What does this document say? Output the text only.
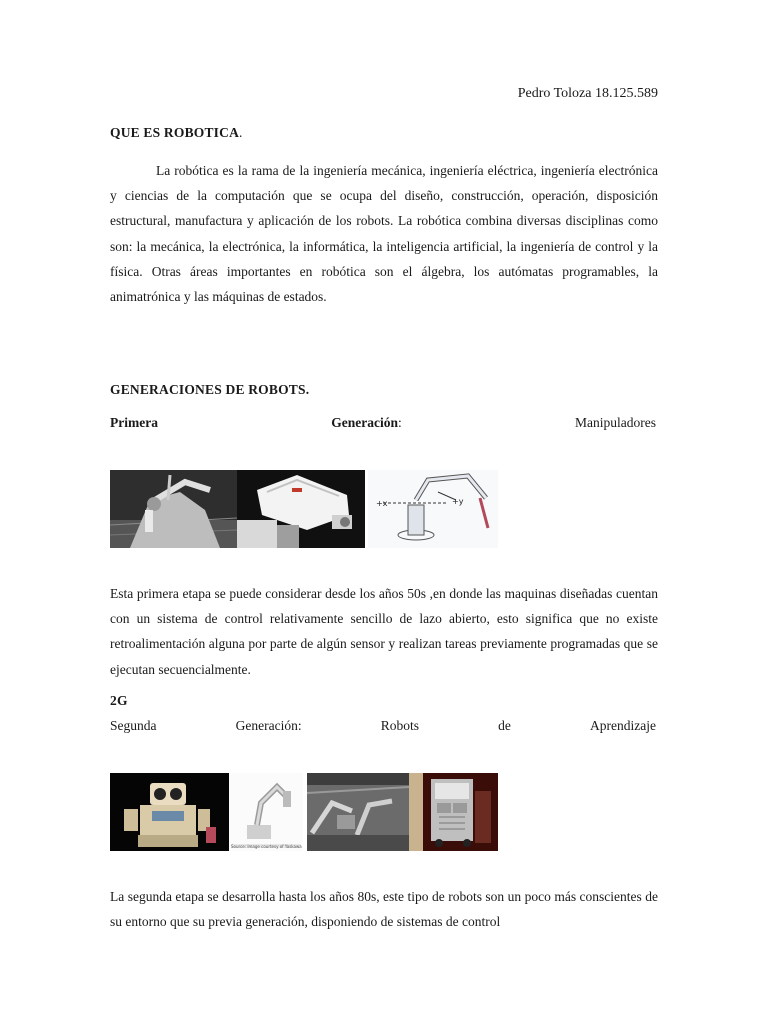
Pedro Toloza 18.125.589
QUE ES ROBOTICA.

La robótica es la rama de la ingeniería mecánica, ingeniería eléctrica, ingeniería electrónica y ciencias de la computación que se ocupa del diseño, construcción, operación, disposición estructural, manufactura y aplicación de los robots. La robótica combina diversas disciplinas como son: la mecánica, la electrónica, la informática, la inteligencia artificial, la ingeniería de control y la física. Otras áreas importantes en robótica son el álgebra, los autómatas programables, la animatrónica y las máquinas de estados.

GENERACIONES DE ROBOTS.
Primera	Generación:	Manipuladores
+x	+y

Esta primera etapa se puede considerar desde los años 50s ,en donde las maquinas diseñadas cuentan con un sistema de control relativamente sencillo de lazo abierto, esto significa que no existe retroalimentación alguna por parte de algún sensor y realizan tareas previamente programadas que se ejecutan secuencialmente.

2G
Segunda	Generación:	Robots	de	Aprendizaje
Source: Image courtesy of Yaskawa

La segunda etapa se desarrolla hasta los años 80s, este tipo de robots son un poco más conscientes de su entorno que su previa generación, disponiendo de sistemas de control
